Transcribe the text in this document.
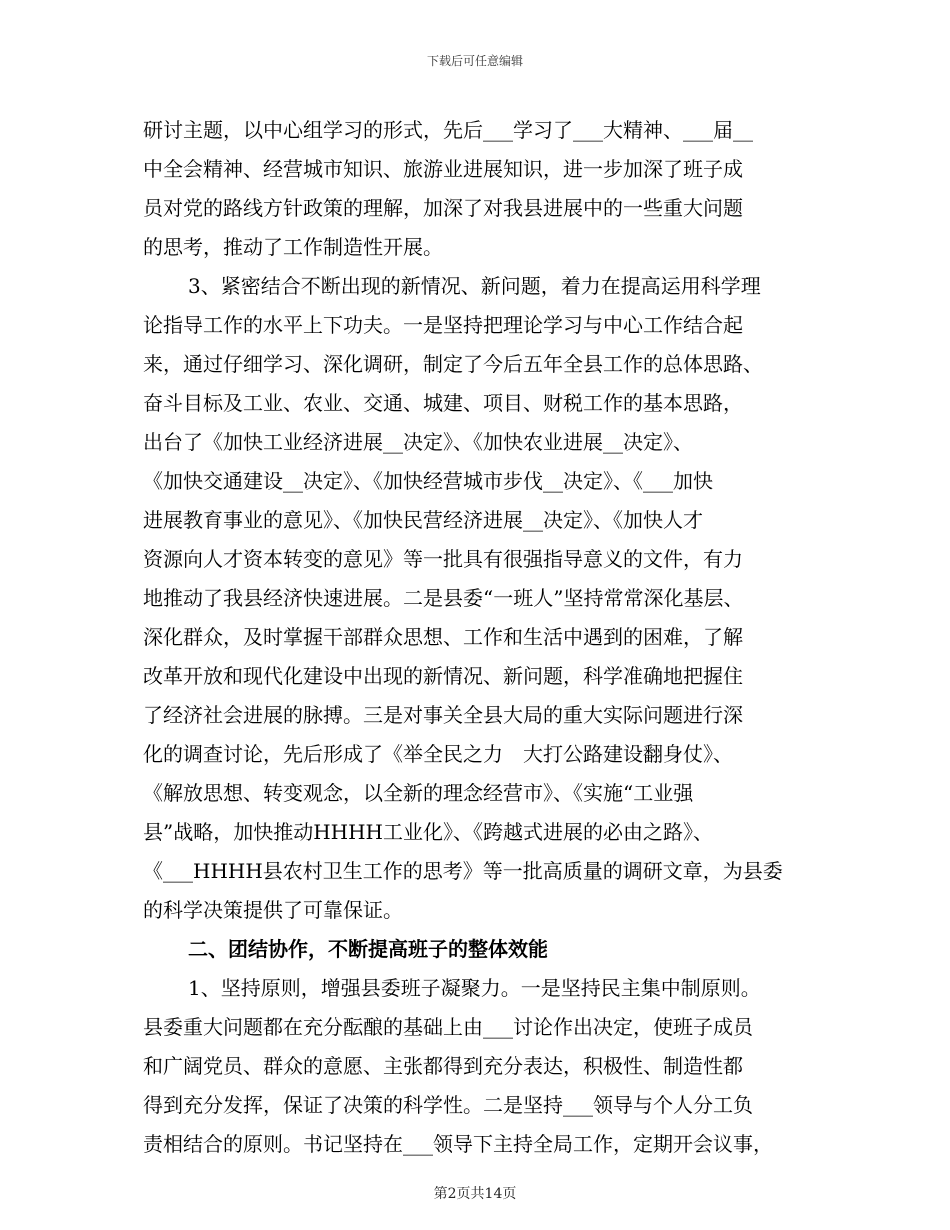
下载后可任意编辑
研讨主题，以中心组学习的形式，先后___学习了___大精神、___届__
中全会精神、经营城市知识、旅游业进展知识，进一步加深了班子成
员对党的路线方针政策的理解，加深了对我县进展中的一些重大问题
的思考，推动了工作制造性开展。
3、紧密结合不断出现的新情况、新问题，着力在提高运用科学理
论指导工作的水平上下功夫。一是坚持把理论学习与中心工作结合起
来，通过仔细学习、深化调研，制定了今后五年全县工作的总体思路、
奋斗目标及工业、农业、交通、城建、项目、财税工作的基本思路，
出台了《加快工业经济进展__决定》、《加快农业进展__决定》、
《加快交通建设__决定》、《加快经营城市步伐__决定》、《___加快
进展教育事业的意见》、《加快民营经济进展__决定》、《加快人才
资源向人才资本转变的意见》等一批具有很强指导意义的文件，有力
地推动了我县经济快速进展。二是县委“一班人”坚持常常深化基层、
深化群众，及时掌握干部群众思想、工作和生活中遇到的困难，了解
改革开放和现代化建设中出现的新情况、新问题，科学准确地把握住
了经济社会进展的脉搏。三是对事关全县大局的重大实际问题进行深
化的调查讨论，先后形成了《举全民之力　大打公路建设翻身仗》、
《解放思想、转变观念，以全新的理念经营市》、《实施“工业强
县”战略，加快推动HHHH工业化》、《跨越式进展的必由之路》、
《___HHHH县农村卫生工作的思考》等一批高质量的调研文章，为县委
的科学决策提供了可靠保证。
二、团结协作，不断提高班子的整体效能
1、坚持原则，增强县委班子凝聚力。一是坚持民主集中制原则。
县委重大问题都在充分酝酿的基础上由___讨论作出决定，使班子成员
和广阔党员、群众的意愿、主张都得到充分表达，积极性、制造性都
得到充分发挥，保证了决策的科学性。二是坚持___领导与个人分工负
责相结合的原则。书记坚持在___领导下主持全局工作，定期开会议事，
第2页共14页
